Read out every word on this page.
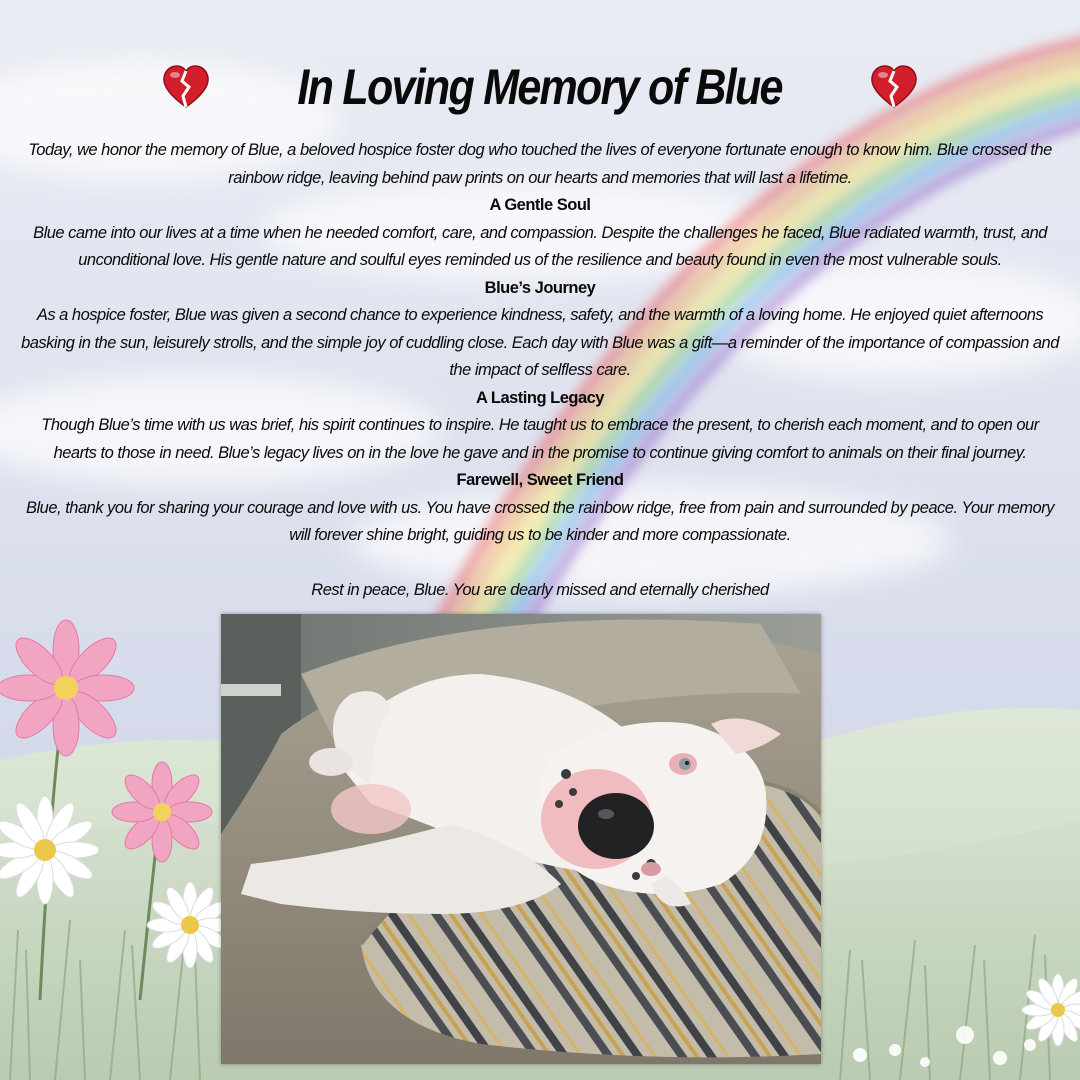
In Loving Memory of Blue

Today, we honor the memory of Blue, a beloved hospice foster dog who touched the lives of everyone fortunate enough to know him. Blue crossed the rainbow ridge, leaving behind paw prints on our hearts and memories that will last a lifetime.

A Gentle Soul

Blue came into our lives at a time when he needed comfort, care, and compassion. Despite the challenges he faced, Blue radiated warmth, trust, and unconditional love. His gentle nature and soulful eyes reminded us of the resilience and beauty found in even the most vulnerable souls.

Blue’s Journey

As a hospice foster, Blue was given a second chance to experience kindness, safety, and the warmth of a loving home. He enjoyed quiet afternoons basking in the sun, leisurely strolls, and the simple joy of cuddling close. Each day with Blue was a gift—a reminder of the importance of compassion and the impact of selfless care.

A Lasting Legacy

Though Blue’s time with us was brief, his spirit continues to inspire. He taught us to embrace the present, to cherish each moment, and to open our hearts to those in need. Blue’s legacy lives on in the love he gave and in the promise to continue giving comfort to animals on their final journey.

Farewell, Sweet Friend

Blue, thank you for sharing your courage and love with us. You have crossed the rainbow ridge, free from pain and surrounded by peace. Your memory will forever shine bright, guiding us to be kinder and more compassionate.

Rest in peace, Blue. You are dearly missed and eternally cherished
